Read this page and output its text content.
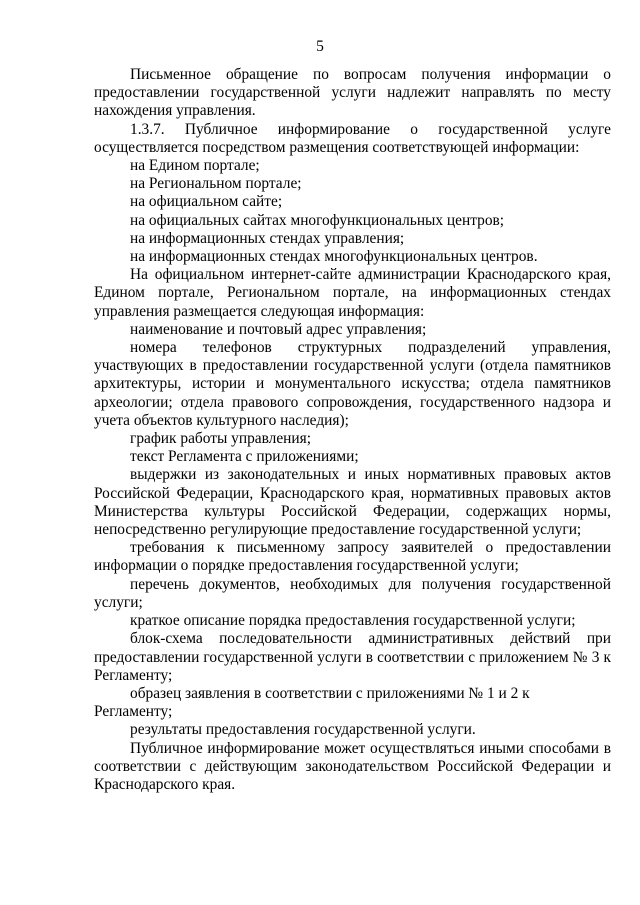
5

Письменное обращение по вопросам получения информации о предоставлении государственной услуги надлежит направлять по месту нахождения управления.

1.3.7. Публичное информирование о государственной услуге осуществляется посредством размещения соответствующей информации:

на Едином портале;

на Региональном портале;

на официальном сайте;

на официальных сайтах многофункциональных центров;

на информационных стендах управления;

на информационных стендах многофункциональных центров.

На официальном интернет-сайте администрации Краснодарского края, Едином портале, Региональном портале, на информационных стендах управления размещается следующая информация:

наименование и почтовый адрес управления;

номера телефонов структурных подразделений управления, участвующих в предоставлении государственной услуги (отдела памятников архитектуры, истории и монументального искусства; отдела памятников археологии; отдела правового сопровождения, государственного надзора и учета объектов культурного наследия);

график работы управления;

текст Регламента с приложениями;

выдержки из законодательных и иных нормативных правовых актов Российской Федерации, Краснодарского края, нормативных правовых актов Министерства культуры Российской Федерации, содержащих нормы, непосредственно регулирующие предоставление государственной услуги;

требования к письменному запросу заявителей о предоставлении информации о порядке предоставления государственной услуги;

перечень документов, необходимых для получения государственной услуги;

краткое описание порядка предоставления государственной услуги;

блок-схема последовательности административных действий при предоставлении государственной услуги в соответствии с приложением № 3 к Регламенту;

образец заявления в соответствии с приложениями № 1 и 2 к Регламенту;

результаты предоставления государственной услуги.

Публичное информирование может осуществляться иными способами в соответствии с действующим законодательством Российской Федерации и Краснодарского края.
